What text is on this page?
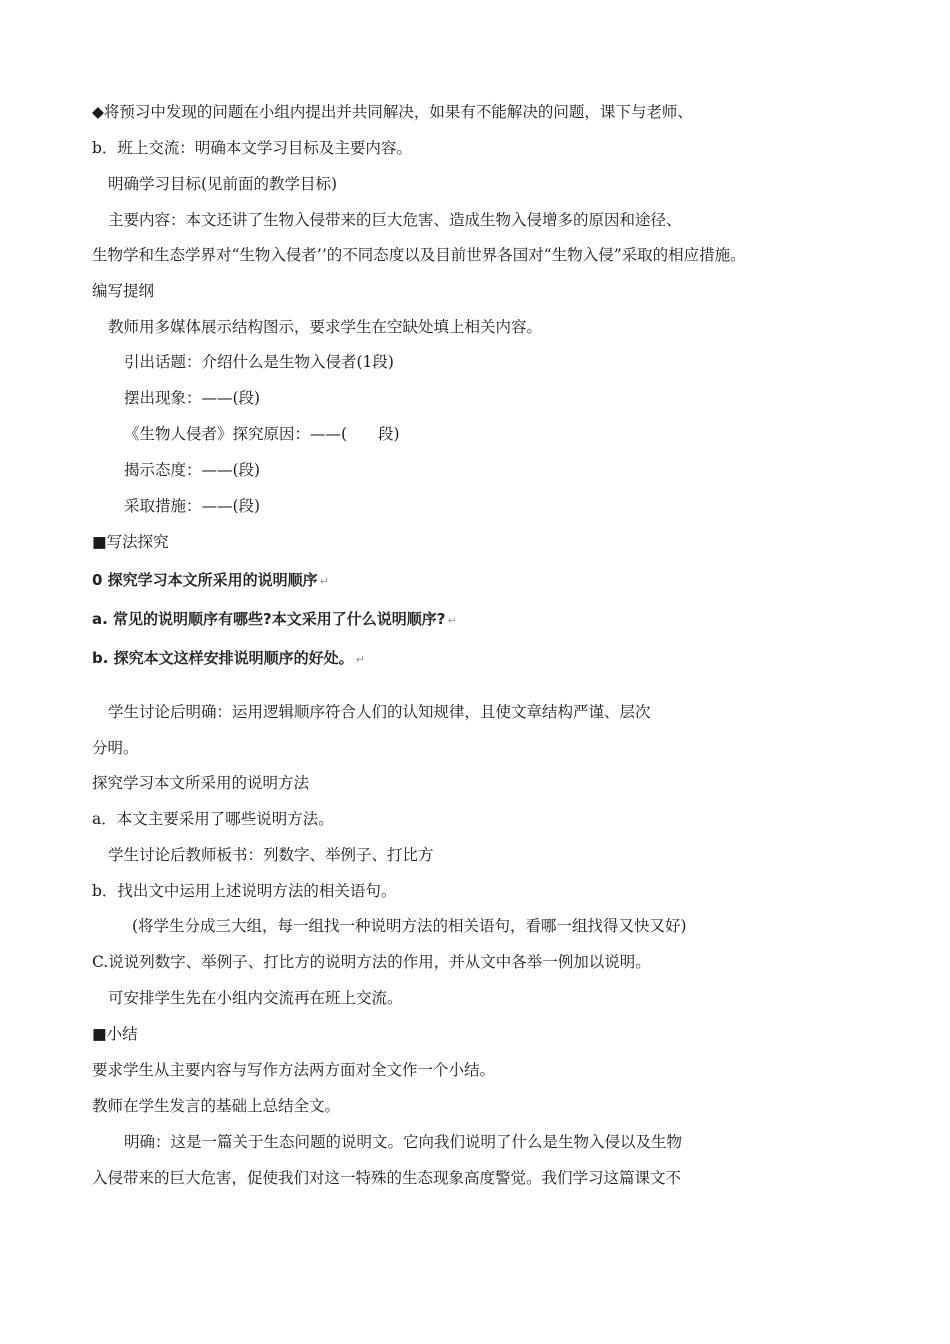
◆将预习中发现的问题在小组内提出并共同解决，如果有不能解决的问题，课下与老师、
b．班上交流：明确本文学习目标及主要内容。
明确学习目标(见前面的教学目标)
主要内容：本文还讲了生物入侵带来的巨大危害、造成生物入侵增多的原因和途径、
生物学和生态学界对“生物入侵者’’的不同态度以及目前世界各国对“生物入侵”采取的相应措施。
编写提纲
教师用多媒体展示结构图示，要求学生在空缺处填上相关内容。
引出话题：介绍什么是生物入侵者(1段)
摆出现象：——(段)
《生物人侵者》探究原因：——(　　段)
揭示态度：——(段)
采取措施：——(段)
■写法探究
0 探究学习本文所采用的说明顺序 ↵
a. 常见的说明顺序有哪些?本文采用了什么说明顺序? ↵
b. 探究本文这样安排说明顺序的好处。 ↵
学生讨论后明确：运用逻辑顺序符合人们的认知规律，且使文章结构严谨、层次
分明。
探究学习本文所采用的说明方法
a．本文主要采用了哪些说明方法。
学生讨论后教师板书：列数字、举例子、打比方
b．找出文中运用上述说明方法的相关语句。
(将学生分成三大组，每一组找一种说明方法的相关语句，看哪一组找得又快又好)
C.说说列数字、举例子、打比方的说明方法的作用，并从文中各举一例加以说明。
可安排学生先在小组内交流再在班上交流。
■小结
要求学生从主要内容与写作方法两方面对全文作一个小结。
教师在学生发言的基础上总结全文。
明确：这是一篇关于生态问题的说明文。它向我们说明了什么是生物入侵以及生物
入侵带来的巨大危害，促使我们对这一特殊的生态现象高度警觉。我们学习这篇课文不
